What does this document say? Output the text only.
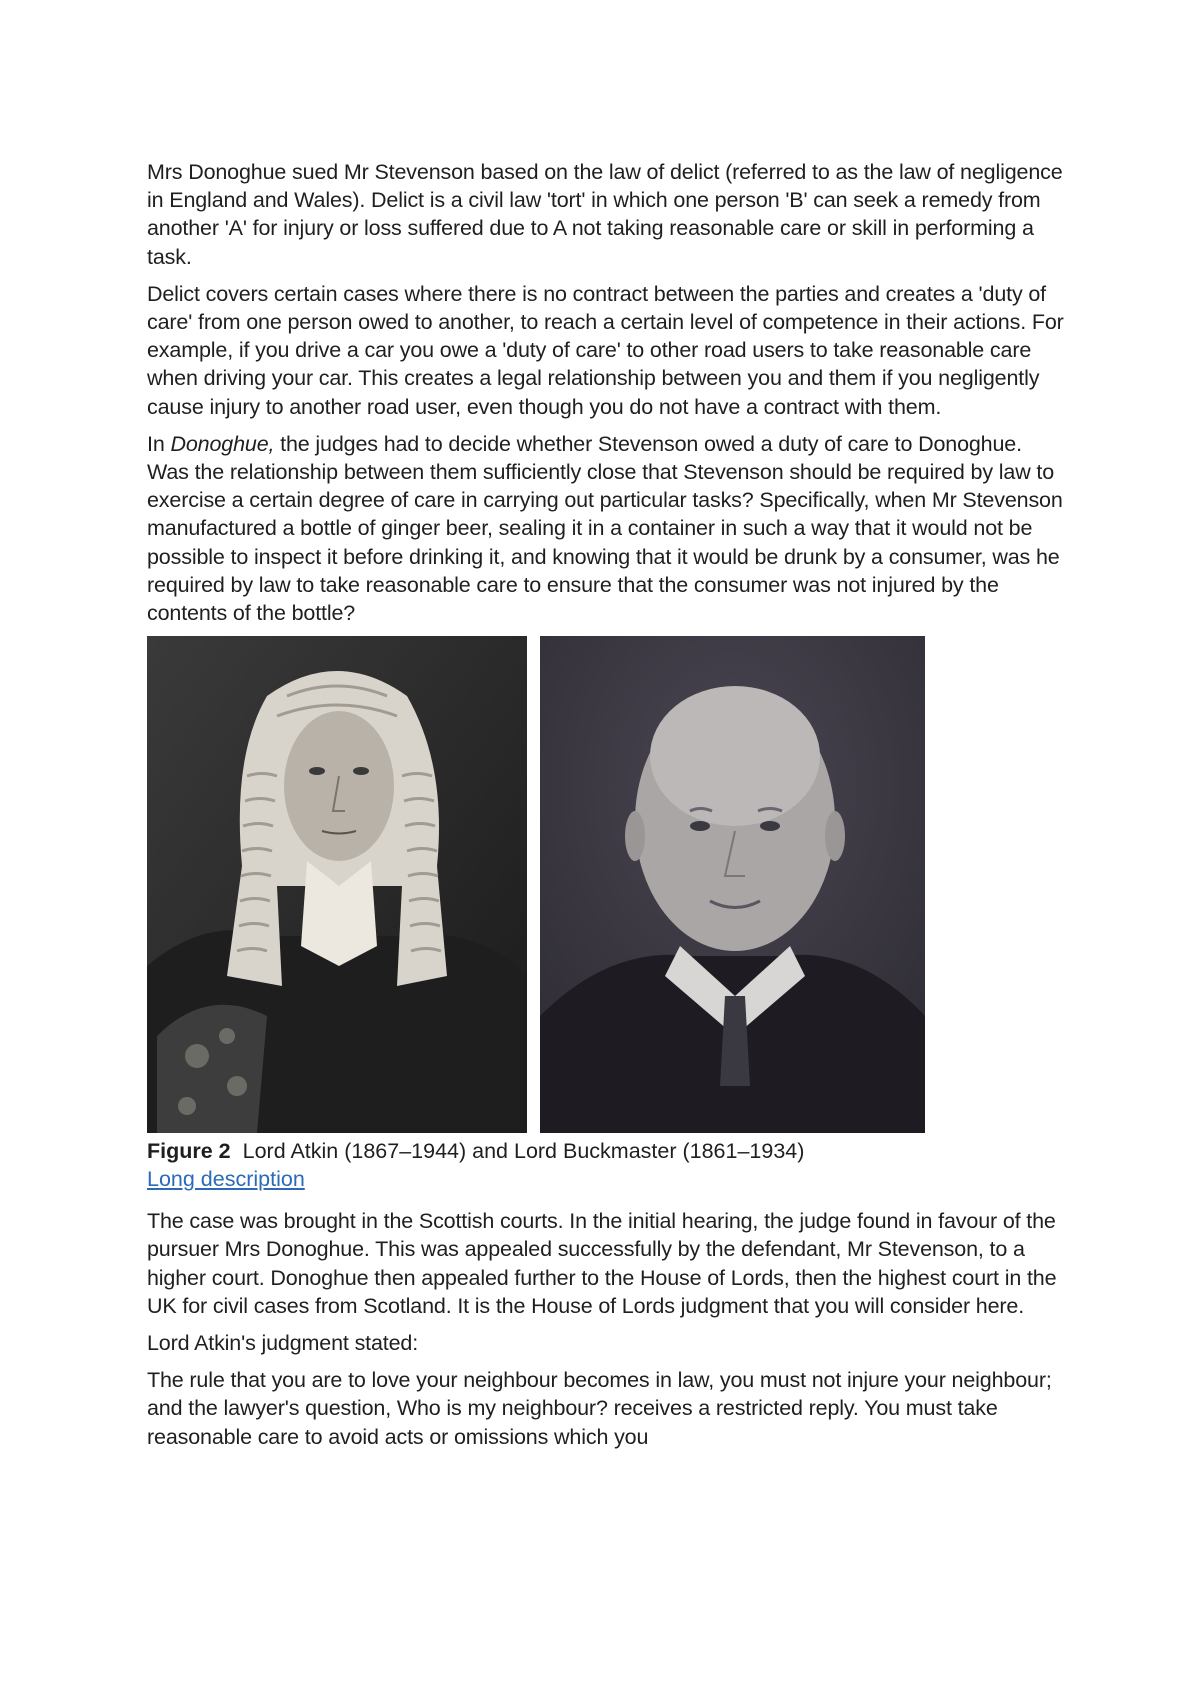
Mrs Donoghue sued Mr Stevenson based on the law of delict (referred to as the law of negligence in England and Wales). Delict is a civil law 'tort' in which one person 'B' can seek a remedy from another 'A' for injury or loss suffered due to A not taking reasonable care or skill in performing a task.

Delict covers certain cases where there is no contract between the parties and creates a 'duty of care' from one person owed to another, to reach a certain level of competence in their actions. For example, if you drive a car you owe a 'duty of care' to other road users to take reasonable care when driving your car. This creates a legal relationship between you and them if you negligently cause injury to another road user, even though you do not have a contract with them.

In Donoghue, the judges had to decide whether Stevenson owed a duty of care to Donoghue. Was the relationship between them sufficiently close that Stevenson should be required by law to exercise a certain degree of care in carrying out particular tasks? Specifically, when Mr Stevenson manufactured a bottle of ginger beer, sealing it in a container in such a way that it would not be possible to inspect it before drinking it, and knowing that it would be drunk by a consumer, was he required by law to take reasonable care to ensure that the consumer was not injured by the contents of the bottle?

Figure 2 Lord Atkin (1867–1944) and Lord Buckmaster (1861–1934)
Long description

The case was brought in the Scottish courts. In the initial hearing, the judge found in favour of the pursuer Mrs Donoghue. This was appealed successfully by the defendant, Mr Stevenson, to a higher court. Donoghue then appealed further to the House of Lords, then the highest court in the UK for civil cases from Scotland. It is the House of Lords judgment that you will consider here.

Lord Atkin's judgment stated:

The rule that you are to love your neighbour becomes in law, you must not injure your neighbour; and the lawyer's question, Who is my neighbour? receives a restricted reply. You must take reasonable care to avoid acts or omissions which you
